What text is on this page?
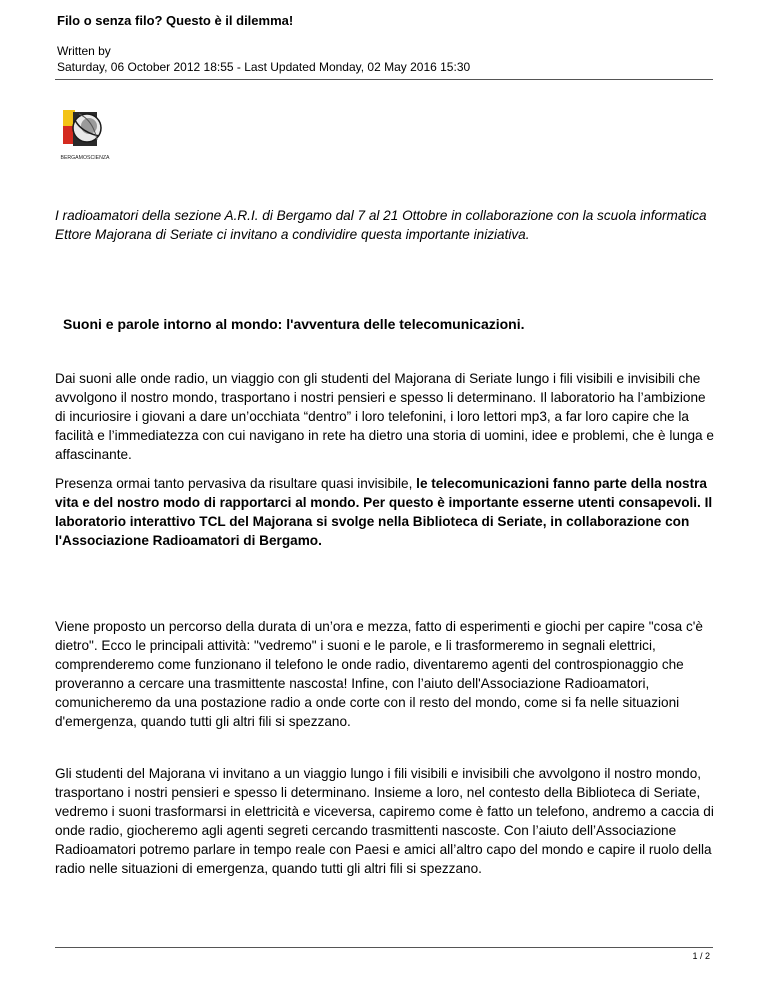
Filo o senza filo? Questo è il dilemma!
Written by
Saturday, 06 October 2012 18:55 - Last Updated Monday, 02 May 2016 15:30
BERGAMOSCIENZA

I radioamatori della sezione A.R.I. di Bergamo dal 7 al 21 Ottobre in collaborazione con la scuola informatica Ettore Majorana di Seriate ci invitano a condividire questa importante iniziativa.

Suoni e parole intorno al mondo: l'avventura delle telecomunicazioni.

Dai suoni alle onde radio, un viaggio con gli studenti del Majorana di Seriate lungo i fili visibili e invisibili che avvolgono il nostro mondo, trasportano i nostri pensieri e spesso li determinano. Il laboratorio ha l’ambizione di incuriosire i giovani a dare un’occhiata “dentro” i loro telefonini, i loro lettori mp3, a far loro capire che la facilità e l’immediatezza con cui navigano in rete ha dietro una storia di uomini, idee e problemi, che è lunga e affascinante.

Presenza ormai tanto pervasiva da risultare quasi invisibile, le telecomunicazioni fanno parte della nostra vita e del nostro modo di rapportarci al mondo. Per questo è importante esserne utenti consapevoli. Il laboratorio interattivo TCL del Majorana si svolge nella Biblioteca di Seriate, in collaborazione con l'Associazione Radioamatori di Bergamo.

Viene proposto un percorso della durata di un’ora e mezza, fatto di esperimenti e giochi per capire "cosa c'è dietro". Ecco le principali attività: "vedremo" i suoni e le parole, e li trasformeremo in segnali elettrici, comprenderemo come funzionano il telefono le onde radio, diventaremo agenti del controspionaggio che proveranno a cercare una trasmittente nascosta! Infine, con l’aiuto dell'Associazione Radioamatori, comunicheremo da una postazione radio a onde corte con il resto del mondo, come si fa nelle situazioni d'emergenza, quando tutti gli altri fili si spezzano.

Gli studenti del Majorana vi invitano a un viaggio lungo i fili visibili e invisibili che avvolgono il nostro mondo, trasportano i nostri pensieri e spesso li determinano. Insieme a loro, nel contesto della Biblioteca di Seriate, vedremo i suoni trasformarsi in elettricità e viceversa, capiremo come è fatto un telefono, andremo a caccia di onde radio, giocheremo agli agenti segreti cercando trasmittenti nascoste. Con l’aiuto dell’Associazione Radioamatori potremo parlare in tempo reale con Paesi e amici all’altro capo del mondo e capire il ruolo della radio nelle situazioni di emergenza, quando tutti gli altri fili si spezzano.

1 / 2
